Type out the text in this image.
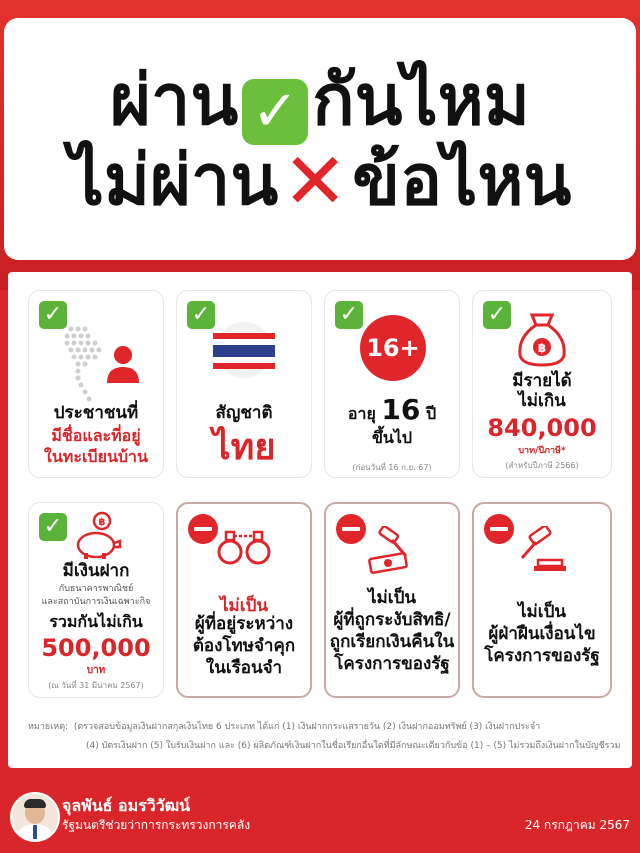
ผ่าน ✓ กันไหม
ไม่ผ่าน✕ข้อไหน
✓
ประชาชนที่
มีชื่อและที่อยู่
ในทะเบียนบ้าน
✓
สัญชาติ
ไทย
✓
16+
อายุ 16 ปี
ขึ้นไป
(ก่อนวันที่ 16 ก.ย. 67)
✓
฿
มีรายได้
ไม่เกิน
840,000
บาท/ปีภาษี*
(สำหรับปีภาษี 2566)
✓	฿
มีเงินฝาก
กับธนาคารพาณิชย์
และสถาบันการเงินเฉพาะกิจ
รวมกันไม่เกิน
500,000
บาท
(ณ วันที่ 31 มีนาคม 2567)
ไม่เป็น
ผู้ที่อยู่ระหว่าง
ต้องโทษจำคุก
ในเรือนจำ
ไม่เป็น
ผู้ที่ถูกระงับสิทธิ/
ถูกเรียกเงินคืนใน
โครงการของรัฐ
ไม่เป็น
ผู้ฝ่าฝืนเงื่อนไข
โครงการของรัฐ
หมายเหตุ: (ตรวจสอบข้อมูลเงินฝากสกุลเงินไทย 6 ประเภท ได้แก่ (1) เงินฝากกระแสรายวัน (2) เงินฝากออมทรัพย์ (3) เงินฝากประจำ
(4) บัตรเงินฝาก (5) ใบรับเงินฝาก และ (6) ผลิตภัณฑ์เงินฝากในชื่อเรียกอื่นใดที่มีลักษณะเดียวกับข้อ (1) – (5) ไม่รวมถึงเงินฝากในบัญชีรวม
จุลพันธ์ อมรวิวัฒน์
รัฐมนตรีช่วยว่าการกระทรวงการคลัง	24 กรกฎาคม 2567
